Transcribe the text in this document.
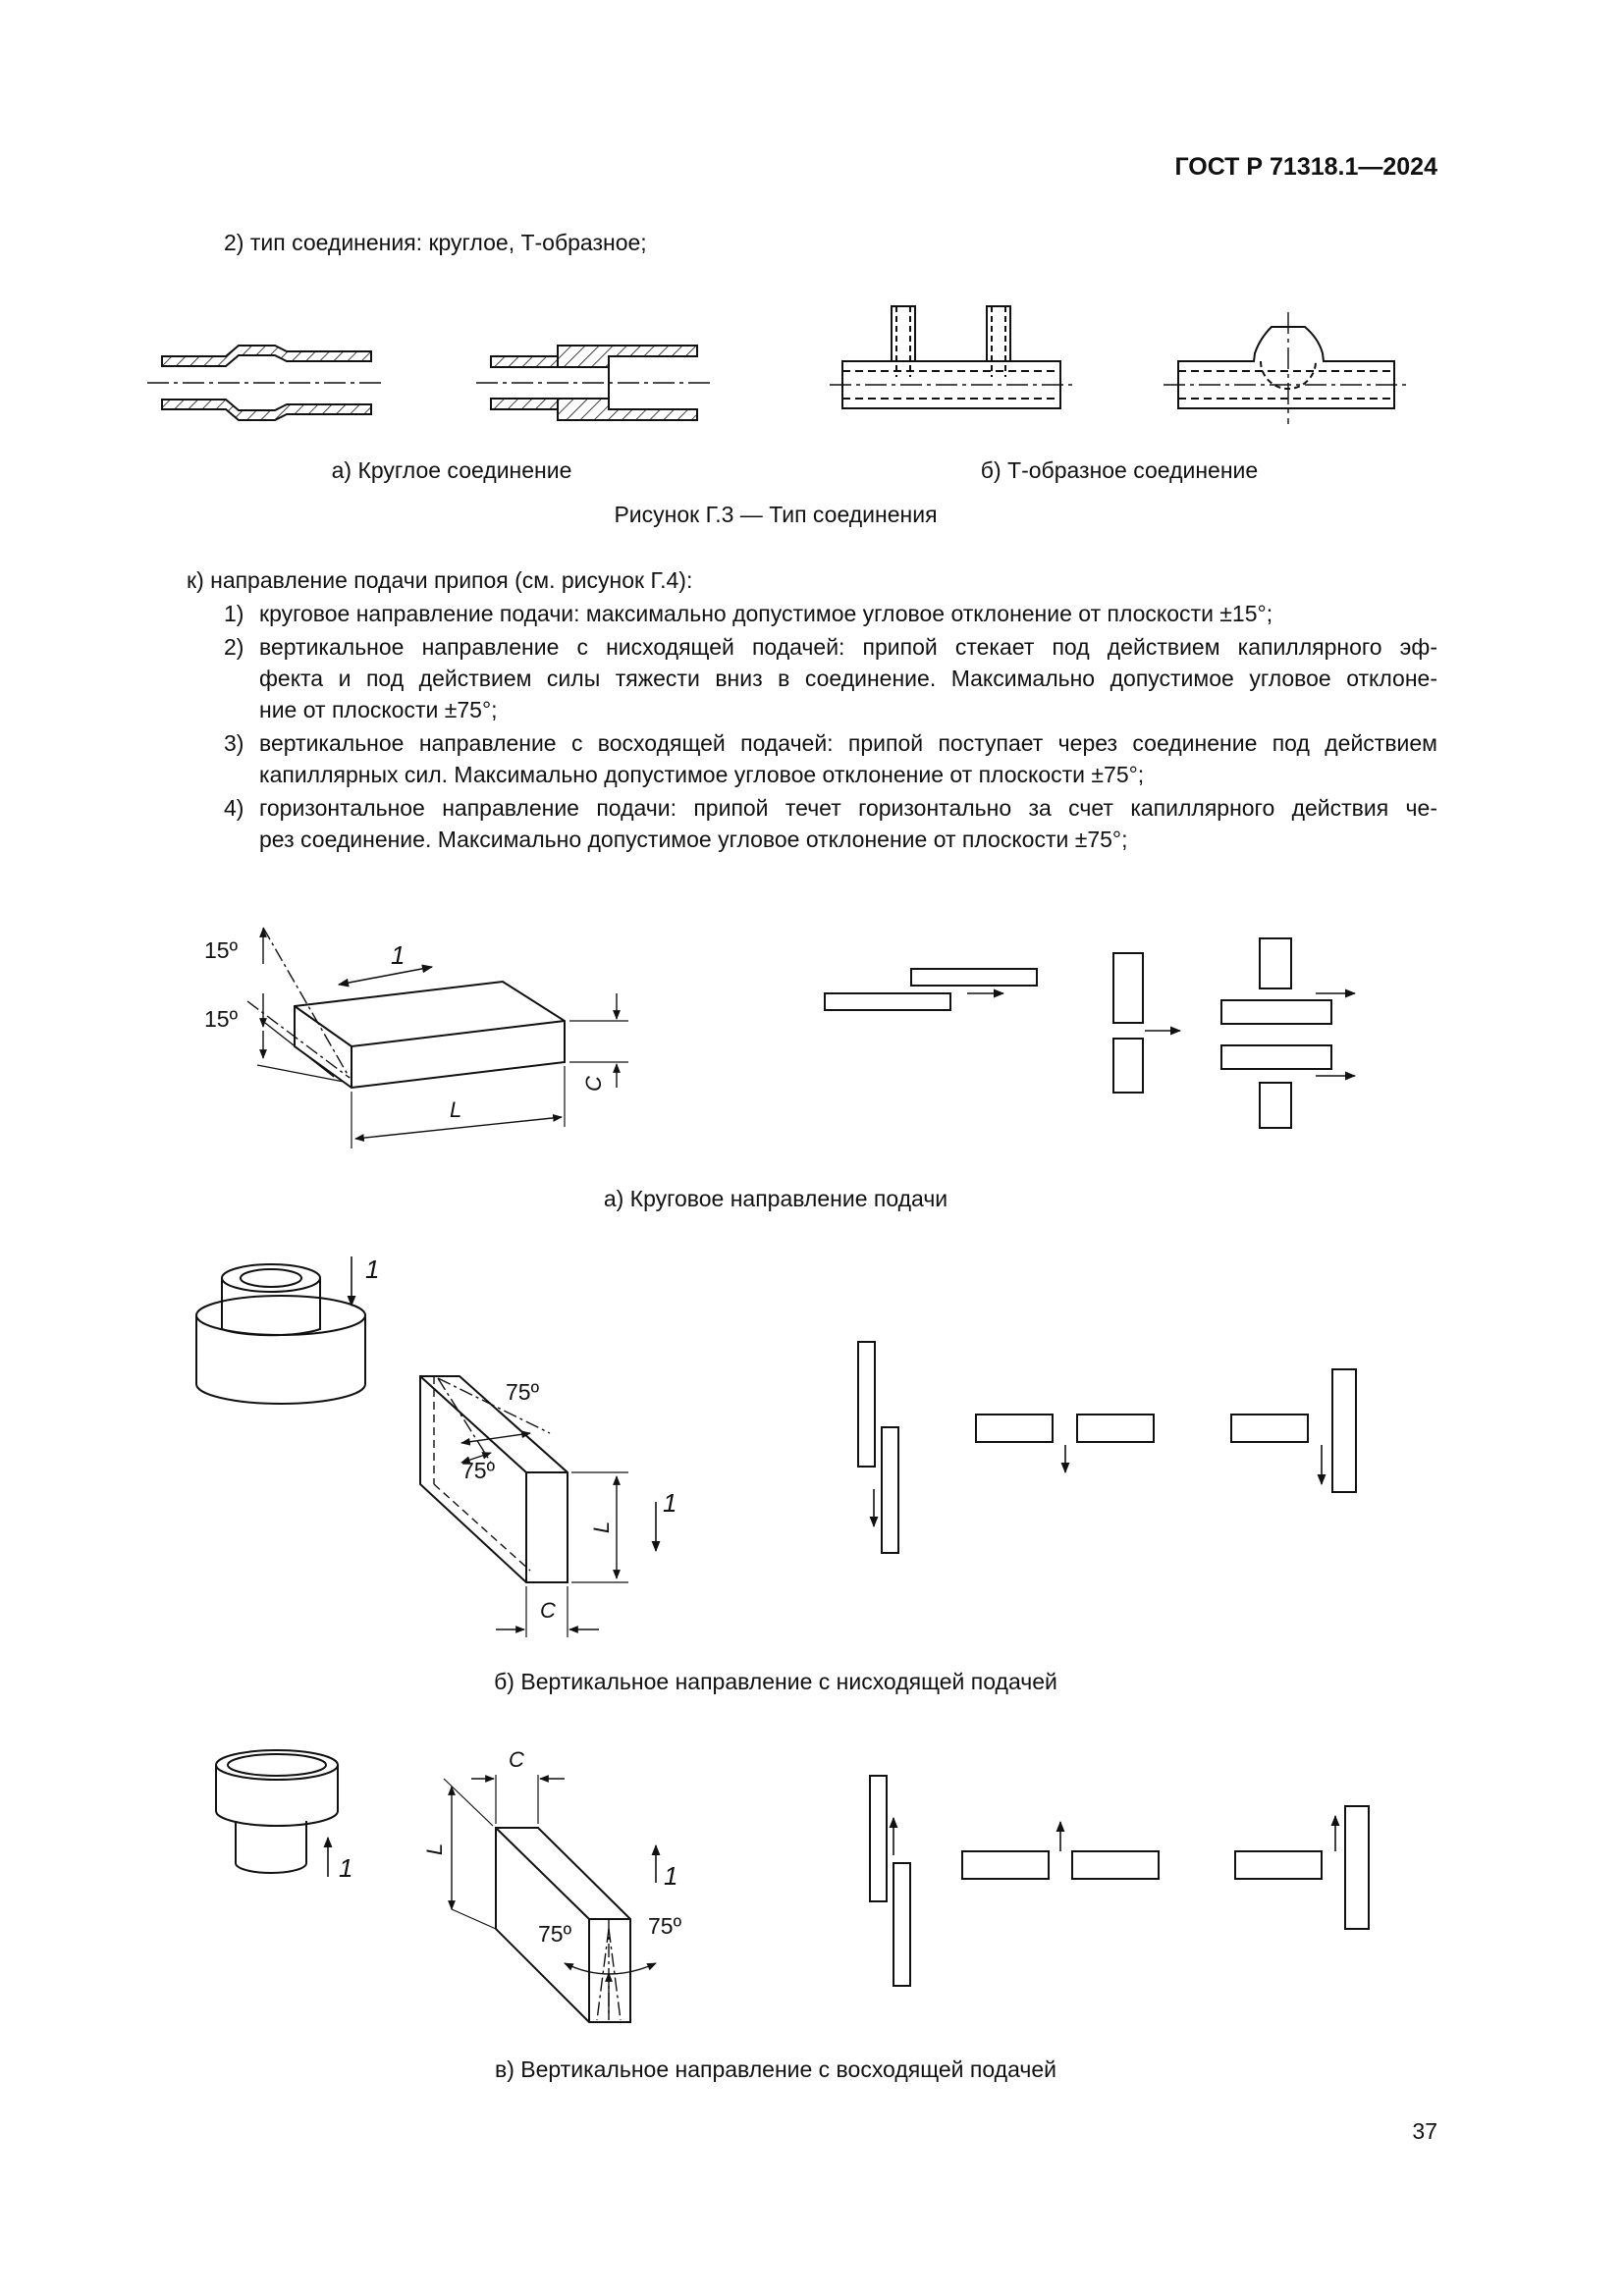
ГОСТ Р 71318.1—2024
2) тип соединения: круглое, Т-образное;
а) Круглое соединение	б) Т-образное соединение
Рисунок Г.3 — Тип соединения
к) направление подачи припоя (см. рисунок Г.4):
1) круговое направление подачи: максимально допустимое угловое отклонение от плоскости ±15°;
2) вертикальное направление с нисходящей подачей: припой стекает под действием капиллярного эф-
фекта и под действием силы тяжести вниз в соединение. Максимально допустимое угловое отклоне-
ние от плоскости ±75°;
3) вертикальное направление с восходящей подачей: припой поступает через соединение под действием
капиллярных сил. Максимально допустимое угловое отклонение от плоскости ±75°;
4) горизонтальное направление подачи: припой течет горизонтально за счет капиллярного действия че-
рез соединение. Максимально допустимое угловое отклонение от плоскости ±75°;
а) Круговое направление подачи
б) Вертикальное направление с нисходящей подачей
в) Вертикальное направление с восходящей подачей
37
15º
15º
1
L
C
1
75º
75º
L
C
1
1
C
L
1
75º	75º
